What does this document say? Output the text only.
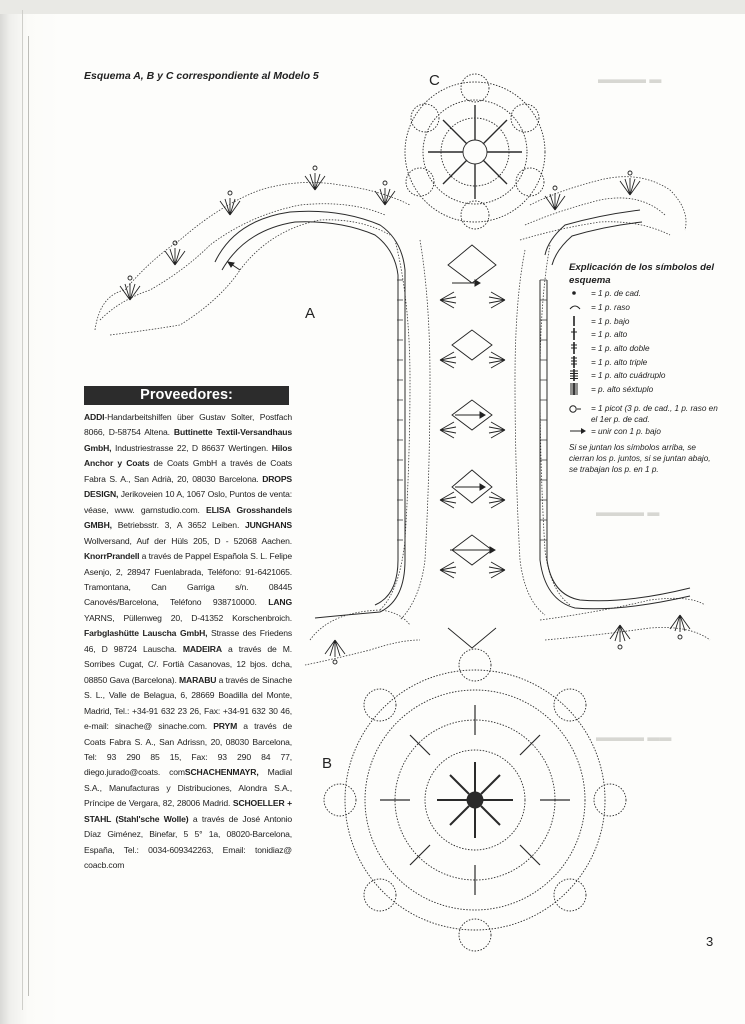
▬▬▬▬ ▬
▬▬▬▬ ▬
▬▬▬▬ ▬▬
Esquema A, B y C correspondiente al Modelo 5	C
A
B
Proveedores:
ADDI-Handarbeitshilfen über Gustav Solter, Postfach 8066, D-58754 Altena. Buttinette Textil-Versandhaus GmbH, Industriestrasse 22, D 86637 Wertingen. Hilos Anchor y Coats de Coats GmbH a través de Coats Fabra S. A., San Adrià, 20, 08030 Barcelona. DROPS DESIGN, Jerikoveien 10 A, 1067 Oslo, Puntos de venta: véase, www. garnstudio.com. ELISA Grosshandels GMBH, Betriebsstr. 3, A 3652 Leiben. JUNGHANS Wollversand, Auf der Hüls 205, D - 52068 Aachen. KnorrPrandell a través de Pappel Española S. L. Felipe Asenjo, 2, 28947 Fuenlabrada, Teléfono: 91-6421065. Tramontana, Can Garriga s/n. 08445 Canovés/Barcelona, Teléfono 938710000. LANG YARNS, Püllenweg 20, D-41352 Korschenbroich. Farbglashütte Lauscha GmbH, Strasse des Friedens 46, D 98724 Lauscha. MADEIRA a través de M. Sorribes Cugat, C/. Fortià Casanovas, 12 bjos. dcha, 08850 Gava (Barcelona). MARABU a través de Sinache S. L., Valle de Belagua, 6, 28669 Boadilla del Monte, Madrid, Tel.: +34-91 632 23 26, Fax: +34-91 632 30 46, e-mail: sinache@ sinache.com. PRYM a través de Coats Fabra S. A., San Adrissn, 20, 08030 Barcelona, Tel: 93 290 85 15, Fax: 93 290 84 77, diego.jurado@coats. comSCHACHENMAYR, Madial S.A., Manufacturas y Distribuciones, Alondra S.A., Príncipe de Vergara, 82, 28006 Madrid. SCHOELLER + STAHL (Stahl'sche Wolle) a través de José Antonio Díaz Giménez, Binefar, 5 5° 1a, 08020-Barcelona, España, Tel.: 0034-609342263, Email: tonidiaz@ coacb.com
Explicación de los símbolos del esquema
= 1 p. de cad.
= 1 p. raso
= 1 p. bajo
= 1 p. alto
= 1 p. alto doble
= 1 p. alto triple
= 1 p. alto cuádruplo
= p. alto séxtuplo
= 1 picot (3 p. de cad., 1 p. raso en el 1er p. de cad.
= unir con 1 p. bajo
Si se juntan los símbolos arriba, se cierran los p. juntos, si se juntan abajo, se trabajan los p. en 1 p.
3
